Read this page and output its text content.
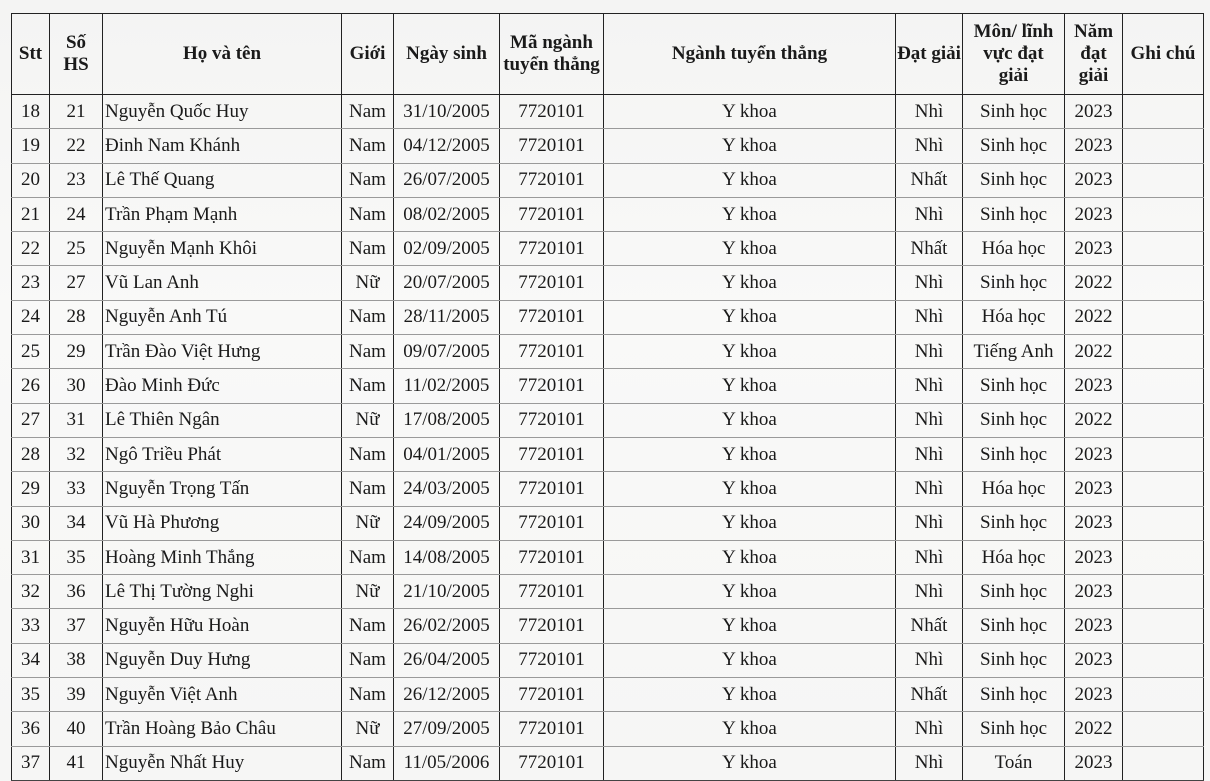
Stt	Số HS	Họ và tên	Giới	Ngày sinh	Mã ngành tuyển thẳng	Ngành tuyển thẳng	Đạt giải	Môn/ lĩnh vực đạt giải	Năm đạt giải	Ghi chú
18	21	Nguyễn Quốc Huy	Nam	31/10/2005	7720101	Y khoa	Nhì	Sinh học	2023	
19	22	Đinh Nam Khánh	Nam	04/12/2005	7720101	Y khoa	Nhì	Sinh học	2023	
20	23	Lê Thế Quang	Nam	26/07/2005	7720101	Y khoa	Nhất	Sinh học	2023	
21	24	Trần Phạm Mạnh	Nam	08/02/2005	7720101	Y khoa	Nhì	Sinh học	2023	
22	25	Nguyễn Mạnh Khôi	Nam	02/09/2005	7720101	Y khoa	Nhất	Hóa học	2023	
23	27	Vũ Lan Anh	Nữ	20/07/2005	7720101	Y khoa	Nhì	Sinh học	2022	
24	28	Nguyễn Anh Tú	Nam	28/11/2005	7720101	Y khoa	Nhì	Hóa học	2022	
25	29	Trần Đào Việt Hưng	Nam	09/07/2005	7720101	Y khoa	Nhì	Tiếng Anh	2022	
26	30	Đào Minh Đức	Nam	11/02/2005	7720101	Y khoa	Nhì	Sinh học	2023	
27	31	Lê Thiên Ngân	Nữ	17/08/2005	7720101	Y khoa	Nhì	Sinh học	2022	
28	32	Ngô Triều Phát	Nam	04/01/2005	7720101	Y khoa	Nhì	Sinh học	2023	
29	33	Nguyễn Trọng Tấn	Nam	24/03/2005	7720101	Y khoa	Nhì	Hóa học	2023	
30	34	Vũ Hà Phương	Nữ	24/09/2005	7720101	Y khoa	Nhì	Sinh học	2023	
31	35	Hoàng Minh Thắng	Nam	14/08/2005	7720101	Y khoa	Nhì	Hóa học	2023	
32	36	Lê Thị Tường Nghi	Nữ	21/10/2005	7720101	Y khoa	Nhì	Sinh học	2023	
33	37	Nguyễn Hữu Hoàn	Nam	26/02/2005	7720101	Y khoa	Nhất	Sinh học	2023	
34	38	Nguyễn Duy Hưng	Nam	26/04/2005	7720101	Y khoa	Nhì	Sinh học	2023	
35	39	Nguyễn Việt Anh	Nam	26/12/2005	7720101	Y khoa	Nhất	Sinh học	2023	
36	40	Trần Hoàng Bảo Châu	Nữ	27/09/2005	7720101	Y khoa	Nhì	Sinh học	2022	
37	41	Nguyễn Nhất Huy	Nam	11/05/2006	7720101	Y khoa	Nhì	Toán	2023	
